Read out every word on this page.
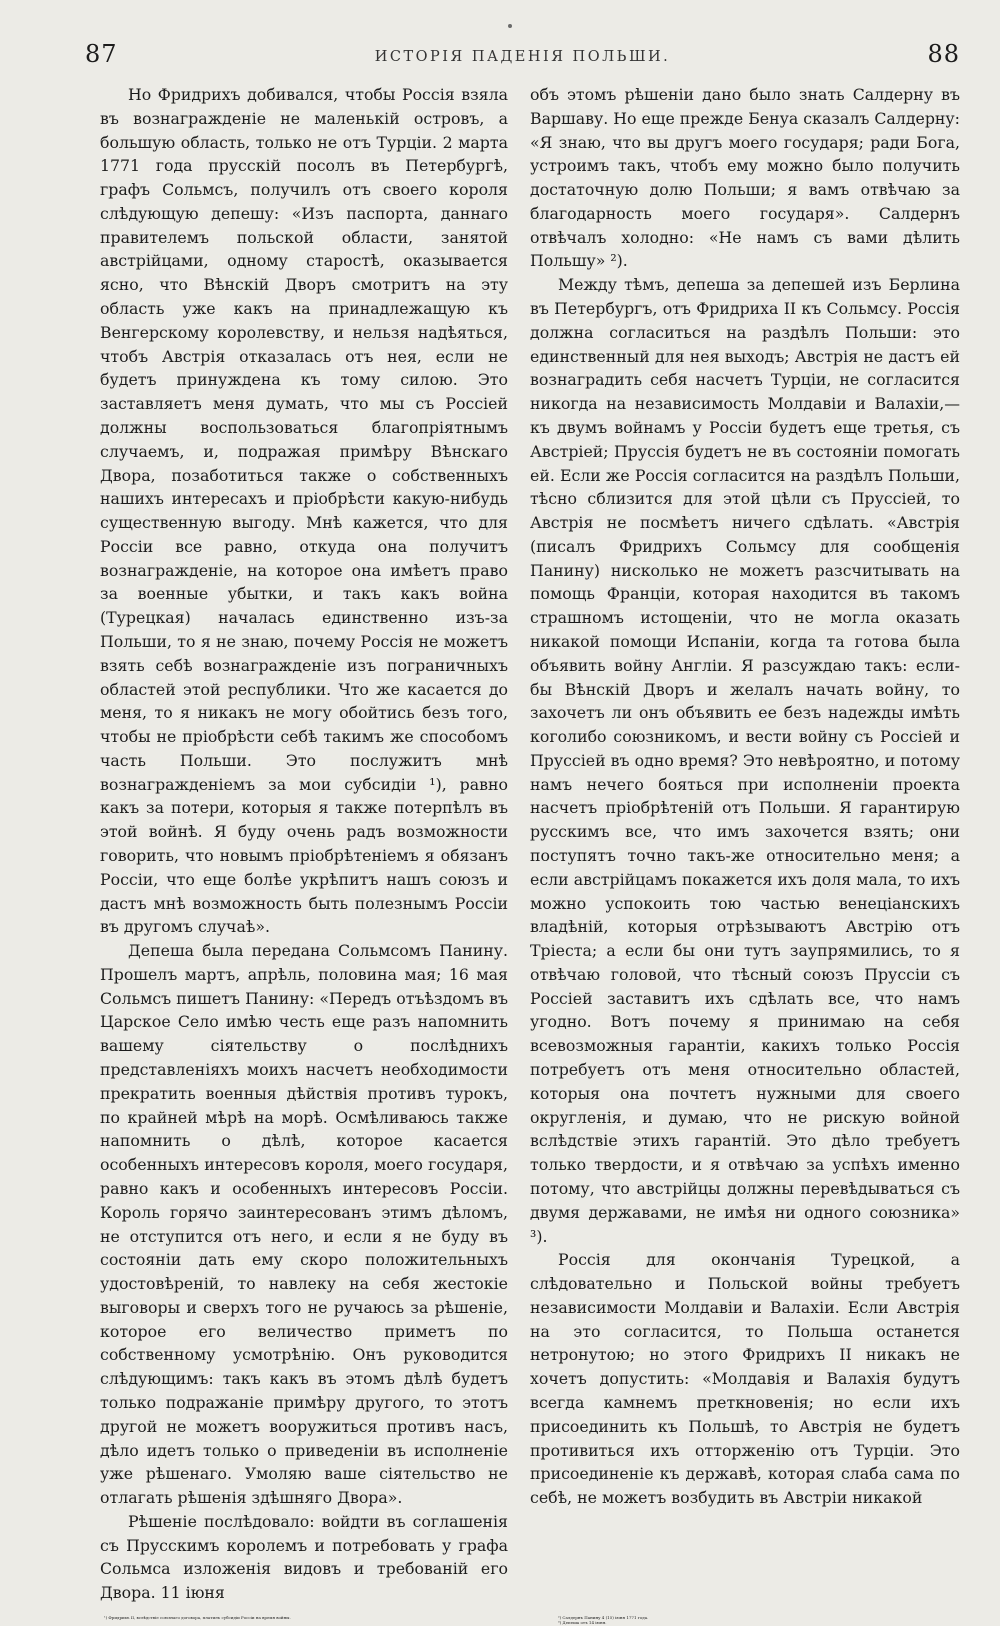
87	ИСТОРІЯ ПАДЕНІЯ ПОЛЬШИ.	88

Но Фридрихъ добивался, чтобы Россія взяла въ вознагражденіе не маленькій островъ, а большую область, только не отъ Турціи. 2 марта 1771 года прусскій посолъ въ Петербургѣ, графъ Сольмсъ, получилъ отъ своего короля слѣдующую депешу: «Изъ паспорта, даннаго правителемъ польской области, занятой австрійцами, одному старостѣ, оказывается ясно, что Вѣнскій Дворъ смотритъ на эту область уже какъ на принадлежащую къ Венгерскому королевству, и нельзя надѣяться, чтобъ Австрія отказалась отъ нея, если не будетъ принуждена къ тому силою. Это заставляетъ меня думать, что мы съ Россіей должны воспользоваться благопріятнымъ случаемъ, и, подражая примѣру Вѣнскаго Двора, позаботиться также о собственныхъ нашихъ интересахъ и пріобрѣсти какую-нибудь существенную выгоду. Мнѣ кажется, что для Россіи все равно, откуда она получитъ вознагражденіе, на которое она имѣетъ право за военные убытки, и такъ какъ война (Турецкая) началась единственно изъ-за Польши, то я не знаю, почему Россія не можетъ взять себѣ вознагражденіе изъ пограничныхъ областей этой республики. Что же касается до меня, то я никакъ не могу обойтись безъ того, чтобы не пріобрѣсти себѣ такимъ же способомъ часть Польши. Это послужитъ мнѣ вознагражденіемъ за мои субсидіи ¹), равно какъ за потери, которыя я также потерпѣлъ въ этой войнѣ. Я буду очень радъ возможности говорить, что новымъ пріобрѣтеніемъ я обязанъ Россіи, что еще болѣе укрѣпитъ нашъ союзъ и дастъ мнѣ возможность быть полезнымъ Россіи въ другомъ случаѣ».

Депеша была передана Сольмсомъ Панину. Прошелъ мартъ, апрѣль, половина мая; 16 мая Сольмсъ пишетъ Панину: «Передъ отъѣздомъ въ Царское Село имѣю честь еще разъ напомнить вашему сіятельству о послѣднихъ представленіяхъ моихъ насчетъ необходимости прекратить военныя дѣйствія противъ турокъ, по крайней мѣрѣ на морѣ. Осмѣливаюсь также напомнить о дѣлѣ, которое касается особенныхъ интересовъ короля, моего государя, равно какъ и особенныхъ интересовъ Россіи. Король горячо заинтересованъ этимъ дѣломъ, не отступится отъ него, и если я не буду въ состояніи дать ему скоро положительныхъ удостовѣреній, то навлеку на себя жестокіе выговоры и сверхъ того не ручаюсь за рѣшеніе, которое его величество приметъ по собственному усмотрѣнію. Онъ руководится слѣдующимъ: такъ какъ въ этомъ дѣлѣ будетъ только подражаніе примѣру другого, то этотъ другой не можетъ вооружиться противъ насъ, дѣло идетъ только о приведеніи въ исполненіе уже рѣшенаго. Умоляю ваше сіятельство не отлагать рѣшенія здѣшняго Двора».

Рѣшеніе послѣдовало: войдти въ соглашенія съ Прусскимъ королемъ и потребовать у графа Сольмса изложенія видовъ и требованій его Двора. 11 іюня

объ этомъ рѣшеніи дано было знать Салдерну въ Варшаву. Но еще прежде Бенуа сказалъ Салдерну: «Я знаю, что вы другъ моего государя; ради Бога, устроимъ такъ, чтобъ ему можно было получить достаточную долю Польши; я вамъ отвѣчаю за благодарность моего государя». Салдернъ отвѣчалъ холодно: «Не намъ съ вами дѣлить Польшу» ²).

Между тѣмъ, депеша за депешей изъ Берлина въ Петербургъ, отъ Фридриха II къ Сольмсу. Россія должна согласиться на раздѣлъ Польши: это единственный для нея выходъ; Австрія не дастъ ей вознаградить себя насчетъ Турціи, не согласится никогда на независимость Молдавіи и Валахіи,—къ двумъ войнамъ у Россіи будетъ еще третья, съ Австріей; Пруссія будетъ не въ состояніи помогать ей. Если же Россія согласится на раздѣлъ Польши, тѣсно сблизится для этой цѣли съ Пруссіей, то Австрія не посмѣетъ ничего сдѣлать. «Австрія (писалъ Фридрихъ Сольмсу для сообщенія Панину) нисколько не можетъ разсчитывать на помощь Франціи, которая находится въ такомъ страшномъ истощеніи, что не могла оказать никакой помощи Испаніи, когда та готова была объявить войну Англіи. Я разсуждаю такъ: если-бы Вѣнскій Дворъ и желалъ начать войну, то захочетъ ли онъ объявить ее безъ надежды имѣть коголибо союзникомъ, и вести войну съ Россіей и Пруссіей въ одно время? Это невѣроятно, и потому намъ нечего бояться при исполненіи проекта насчетъ пріобрѣтеній отъ Польши. Я гарантирую русскимъ все, что имъ захочется взять; они поступятъ точно такъ-же относительно меня; а если австрійцамъ покажется ихъ доля мала, то ихъ можно успокоить тою частью венеціанскихъ владѣній, которыя отрѣзываютъ Австрію отъ Тріеста; а если бы они тутъ заупрямились, то я отвѣчаю головой, что тѣсный союзъ Пруссіи съ Россіей заставитъ ихъ сдѣлать все, что намъ угодно. Вотъ почему я принимаю на себя всевозможныя гарантіи, какихъ только Россія потребуетъ отъ меня относительно областей, которыя она почтетъ нужными для своего округленія, и думаю, что не рискую войной вслѣдствіе этихъ гарантій. Это дѣло требуетъ только твердости, и я отвѣчаю за успѣхъ именно потому, что австрійцы должны перевѣдываться съ двумя державами, не имѣя ни одного союзника» ³).

Россія для окончанія Турецкой, а слѣдовательно и Польской войны требуетъ независимости Молдавіи и Валахіи. Если Австрія на это согласится, то Польша останется нетронутою; но этого Фридрихъ II никакъ не хочетъ допустить: «Молдавія и Валахія будутъ всегда камнемъ преткновенія; но если ихъ присоединить къ Польшѣ, то Австрія не будетъ противиться ихъ отторженію отъ Турціи. Это присоединеніе къ державѣ, которая слаба сама по себѣ, не можетъ возбудить въ Австріи никакой

¹) Фридрихъ II, вслѣдствіе союзнаго договора, платилъ субсидіи Россіи на время войны.	²) Салдернъ Панину 4 (15) іюня 1771 года.

³) Депеша отъ 14 іюня.
